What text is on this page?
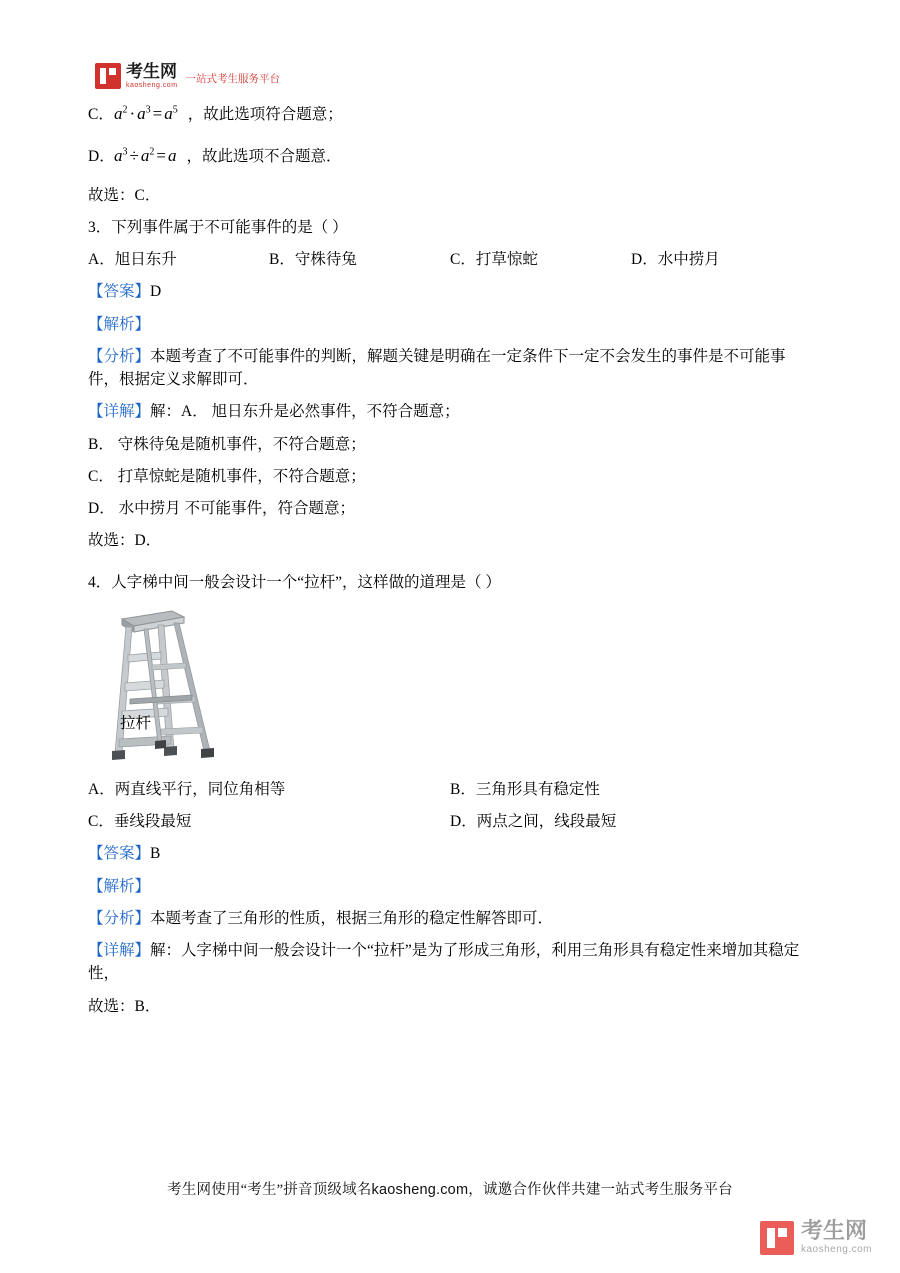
考生网
kaosheng.com
一站式考生服务平台
C． $a^2 \cdot a^3 = a^5$ ，故此选项符合题意；
D． $a^3 \div a^2 = a$ ，故此选项不合题意．

故选：C．

3．下列事件属于不可能事件的是（ ）

A．旭日东升	B．守株待兔	C．打草惊蛇	D．水中捞月

【答案】D

【解析】

【分析】本题考查了不可能事件的判断，解题关键是明确在一定条件下一定不会发生的事件是不可能事件，根据定义求解即可．

【详解】解：A． 旭日东升是必然事件，不符合题意；

B． 守株待兔是随机事件，不符合题意；

C． 打草惊蛇是随机事件，不符合题意；

D． 水中捞月 不可能事件，符合题意；

故选：D．

4．人字梯中间一般会设计一个“拉杆”，这样做的道理是（ ）

拉杆
A．两直线平行，同位角相等	B．三角形具有稳定性
C．垂线段最短	D．两点之间，线段最短

【答案】B

【解析】

【分析】本题考查了三角形的性质，根据三角形的稳定性解答即可．

【详解】解：人字梯中间一般会设计一个“拉杆”是为了形成三角形，利用三角形具有稳定性来增加其稳定性，

故选：B．

考生网使用“考生”拼音顶级域名kaosheng.com，诚邀合作伙伴共建一站式考生服务平台
考生网
kaosheng.com
